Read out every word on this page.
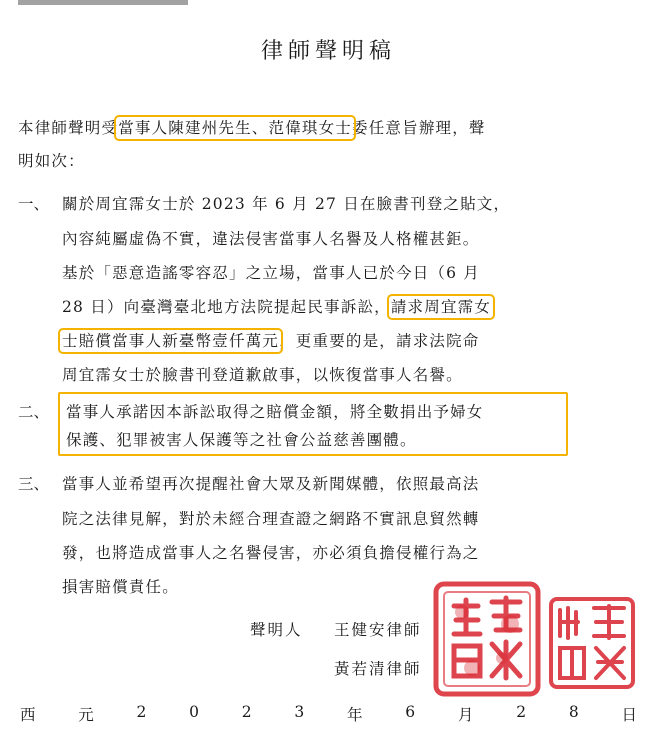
律師聲明稿
本律師聲明受當事人陳建州先生、范偉琪女士委任意旨辦理，聲
明如次：
一、 關於周宜霈女士於 2023 年 6 月 27 日在臉書刊登之貼文，
內容純屬虛偽不實，違法侵害當事人名譽及人格權甚鉅。
基於「惡意造謠零容忍」之立場，當事人已於今日（6 月
28 日）向臺灣臺北地方法院提起民事訴訟，請求周宜霈女
士賠償當事人新臺幣壹仟萬元，更重要的是，請求法院命
周宜霈女士於臉書刊登道歉啟事，以恢復當事人名譽。
二、 當事人承諾因本訴訟取得之賠償金額，將全數捐出予婦女
保護、犯罪被害人保護等之社會公益慈善團體。
三、 當事人並希望再次提醒社會大眾及新聞媒體，依照最高法
院之法律見解，對於未經合理查證之網路不實訊息貿然轉
發，也將造成當事人之名譽侵害，亦必須負擔侵權行為之
損害賠償責任。
聲明人 王健安律師
黃若清律師
西	元	2	0	2	3	年	6	月	2	8	日
